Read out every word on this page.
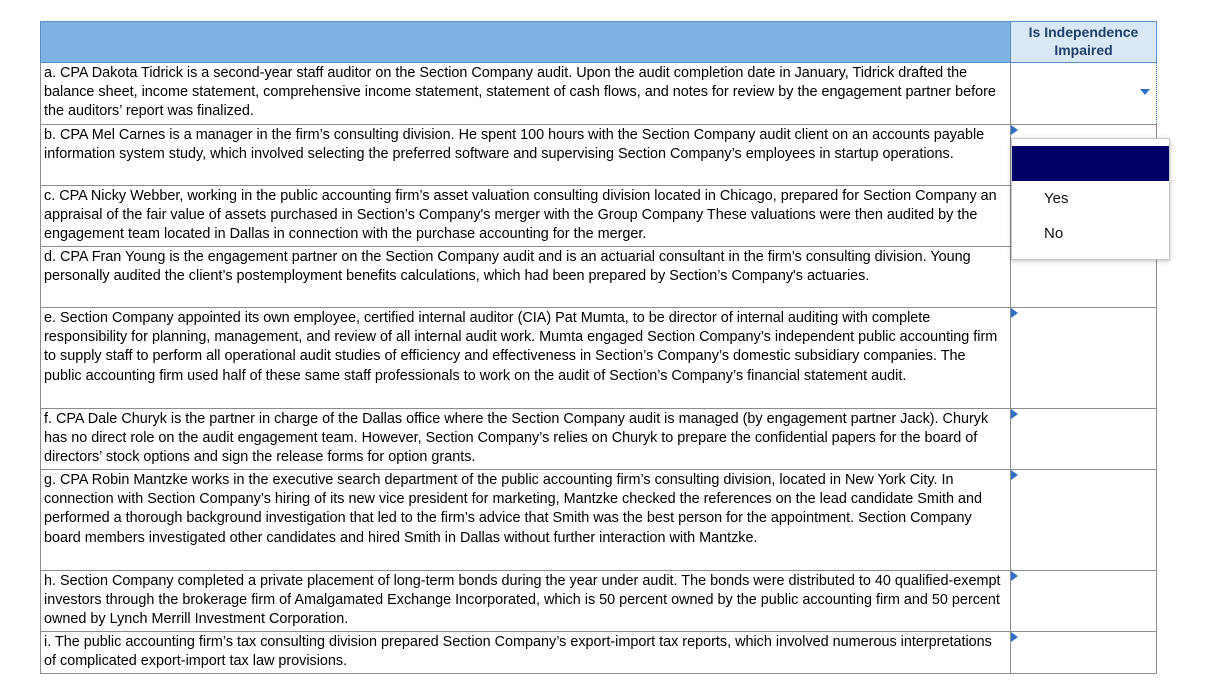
	Is Independence Impaired

a. CPA Dakota Tidrick is a second-year staff auditor on the Section Company audit. Upon the audit completion date in January, Tidrick drafted the balance sheet, income statement, comprehensive income statement, statement of cash flows, and notes for review by the engagement partner before the auditors’ report was finalized.	

b. CPA Mel Carnes is a manager in the firm’s consulting division. He spent 100 hours with the Section Company audit client on an accounts payable information system study, which involved selecting the preferred software and supervising Section Company’s employees in startup operations.	

c. CPA Nicky Webber, working in the public accounting firm’s asset valuation consulting division located in Chicago, prepared for Section Company an appraisal of the fair value of assets purchased in Section’s Company's merger with the Group Company These valuations were then audited by the engagement team located in Dallas in connection with the purchase accounting for the merger.	

d. CPA Fran Young is the engagement partner on the Section Company audit and is an actuarial consultant in the firm’s consulting division. Young personally audited the client’s postemployment benefits calculations, which had been prepared by Section’s Company's actuaries.	

e. Section Company appointed its own employee, certified internal auditor (CIA) Pat Mumta, to be director of internal auditing with complete responsibility for planning, management, and review of all internal audit work. Mumta engaged Section Company’s independent public accounting firm to supply staff to perform all operational audit studies of efficiency and effectiveness in Section’s Company’s domestic subsidiary companies. The public accounting firm used half of these same staff professionals to work on the audit of Section’s Company’s financial statement audit.	

f. CPA Dale Churyk is the partner in charge of the Dallas office where the Section Company audit is managed (by engagement partner Jack). Churyk has no direct role on the audit engagement team. However, Section Company’s relies on Churyk to prepare the confidential papers for the board of directors’ stock options and sign the release forms for option grants.	

g. CPA Robin Mantzke works in the executive search department of the public accounting firm’s consulting division, located in New York City. In connection with Section Company’s hiring of its new vice president for marketing, Mantzke checked the references on the lead candidate Smith and performed a thorough background investigation that led to the firm’s advice that Smith was the best person for the appointment. Section Company board members investigated other candidates and hired Smith in Dallas without further interaction with Mantzke.	

h. Section Company completed a private placement of long-term bonds during the year under audit. The bonds were distributed to 40 qualified-exempt investors through the brokerage firm of Amalgamated Exchange Incorporated, which is 50 percent owned by the public accounting firm and 50 percent owned by Lynch Merrill Investment Corporation.	

i. The public accounting firm’s tax consulting division prepared Section Company’s export-import tax reports, which involved numerous interpretations of complicated export-import tax law provisions.	

Yes
No
